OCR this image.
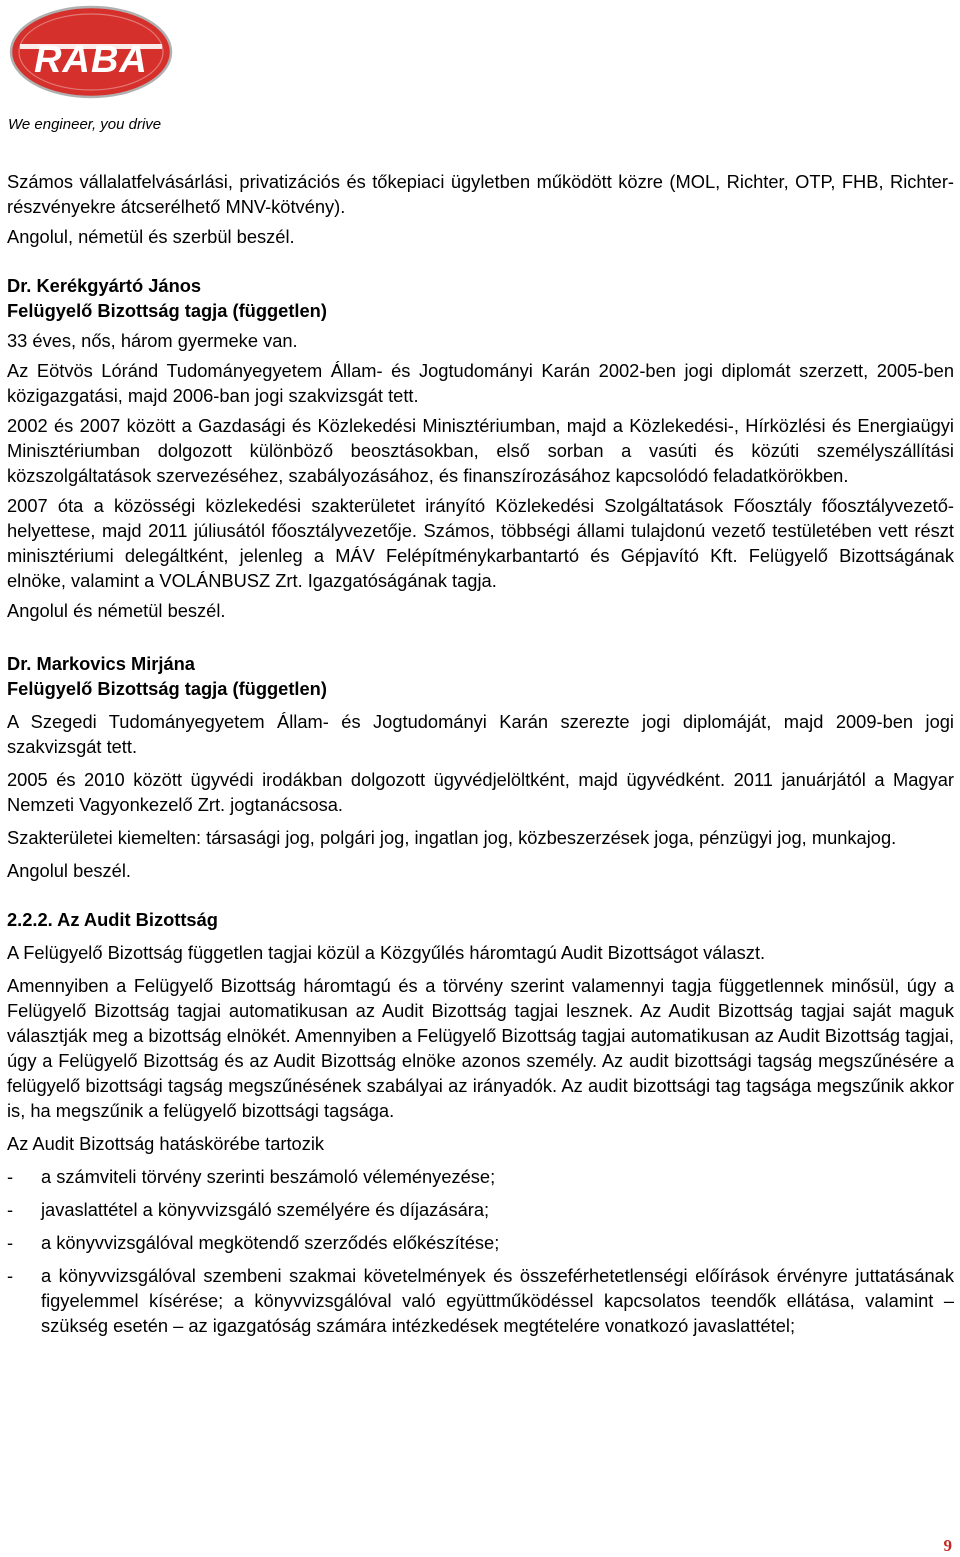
RABA
We engineer, you drive

Számos vállalatfelvásárlási, privatizációs és tőkepiaci ügyletben működött közre (MOL, Richter, OTP, FHB, Richter-részvényekre átcserélhető MNV-kötvény).

Angolul, németül és szerbül beszél.

Dr. Kerékgyártó János

Felügyelő Bizottság tagja (független)

33 éves, nős, három gyermeke van.

Az Eötvös Lóránd Tudományegyetem Állam- és Jogtudományi Karán 2002-ben jogi diplomát szerzett, 2005-ben közigazgatási, majd 2006-ban jogi szakvizsgát tett.

2002 és 2007 között a Gazdasági és Közlekedési Minisztériumban, majd a Közlekedési-, Hírközlési és Energiaügyi Minisztériumban dolgozott különböző beosztásokban, első sorban a vasúti és közúti személyszállítási közszolgáltatások szervezéséhez, szabályozásához, és finanszírozásához kapcsolódó feladatkörökben.

2007 óta a közösségi közlekedési szakterületet irányító Közlekedési Szolgáltatások Főosztály főosztályvezető-helyettese, majd 2011 júliusától főosztályvezetője. Számos, többségi állami tulajdonú vezető testületében vett részt minisztériumi delegáltként, jelenleg a MÁV Felépítménykarbantartó és Gépjavító Kft. Felügyelő Bizottságának elnöke, valamint a VOLÁNBUSZ Zrt. Igazgatóságának tagja.

Angolul és németül beszél.

Dr. Markovics Mirjána

Felügyelő Bizottság tagja (független)

A Szegedi Tudományegyetem Állam- és Jogtudományi Karán szerezte jogi diplomáját, majd 2009-ben jogi szakvizsgát tett.

2005 és 2010 között ügyvédi irodákban dolgozott ügyvédjelöltként, majd ügyvédként. 2011 januárjától a Magyar Nemzeti Vagyonkezelő Zrt. jogtanácsosa.

Szakterületei kiemelten: társasági jog, polgári jog, ingatlan jog, közbeszerzések joga, pénzügyi jog, munkajog.

Angolul beszél.

2.2.2. Az Audit Bizottság

A Felügyelő Bizottság független tagjai közül a Közgyűlés háromtagú Audit Bizottságot választ.

Amennyiben a Felügyelő Bizottság háromtagú és a törvény szerint valamennyi tagja függetlennek minősül, úgy a Felügyelő Bizottság tagjai automatikusan az Audit Bizottság tagjai lesznek. Az Audit Bizottság tagjai saját maguk választják meg a bizottság elnökét. Amennyiben a Felügyelő Bizottság tagjai automatikusan az Audit Bizottság tagjai, úgy a Felügyelő Bizottság és az Audit Bizottság elnöke azonos személy. Az audit bizottsági tagság megszűnésére a felügyelő bizottsági tagság megszűnésének szabályai az irányadók. Az audit bizottsági tag tagsága megszűnik akkor is, ha megszűnik a felügyelő bizottsági tagsága.

Az Audit Bizottság hatáskörébe tartozik

-	a számviteli törvény szerinti beszámoló véleményezése;
-	javaslattétel a könyvvizsgáló személyére és díjazására;
-	a könyvvizsgálóval megkötendő szerződés előkészítése;
-	a könyvvizsgálóval szembeni szakmai követelmények és összeférhetetlenségi előírások érvényre juttatásának figyelemmel kísérése; a könyvvizsgálóval való együttműködéssel kapcsolatos teendők ellátása, valamint – szükség esetén – az igazgatóság számára intézkedések megtételére vonatkozó javaslattétel;
9
